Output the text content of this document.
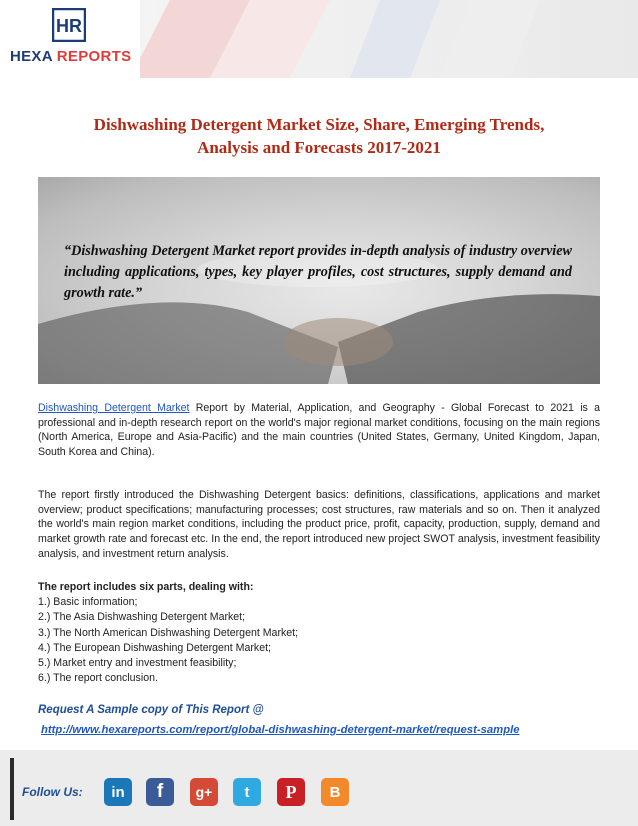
HR
HEXA REPORTS
Dishwashing Detergent Market Size, Share, Emerging Trends,
Analysis and Forecasts 2017-2021
“Dishwashing Detergent Market report provides in-depth analysis of industry overview including applications, types, key player profiles, cost structures, supply demand and growth rate.”
Dishwashing Detergent Market Report by Material, Application, and Geography - Global Forecast to 2021 is a professional and in-depth research report on the world's major regional market conditions, focusing on the main regions (North America, Europe and Asia-Pacific) and the main countries (United States, Germany, United Kingdom, Japan, South Korea and China).
The report firstly introduced the Dishwashing Detergent basics: definitions, classifications, applications and market overview; product specifications; manufacturing processes; cost structures, raw materials and so on. Then it analyzed the world's main region market conditions, including the product price, profit, capacity, production, supply, demand and market growth rate and forecast etc. In the end, the report introduced new project SWOT analysis, investment feasibility analysis, and investment return analysis.
The report includes six parts, dealing with:
1.) Basic information;
2.) The Asia Dishwashing Detergent Market;
3.) The North American Dishwashing Detergent Market;
4.) The European Dishwashing Detergent Market;
5.) Market entry and investment feasibility;
6.) The report conclusion.
Request A Sample copy of This Report @
http://www.hexareports.com/report/global-dishwashing-detergent-market/request-sample
Follow Us:	in	f	g+	t	P	B
